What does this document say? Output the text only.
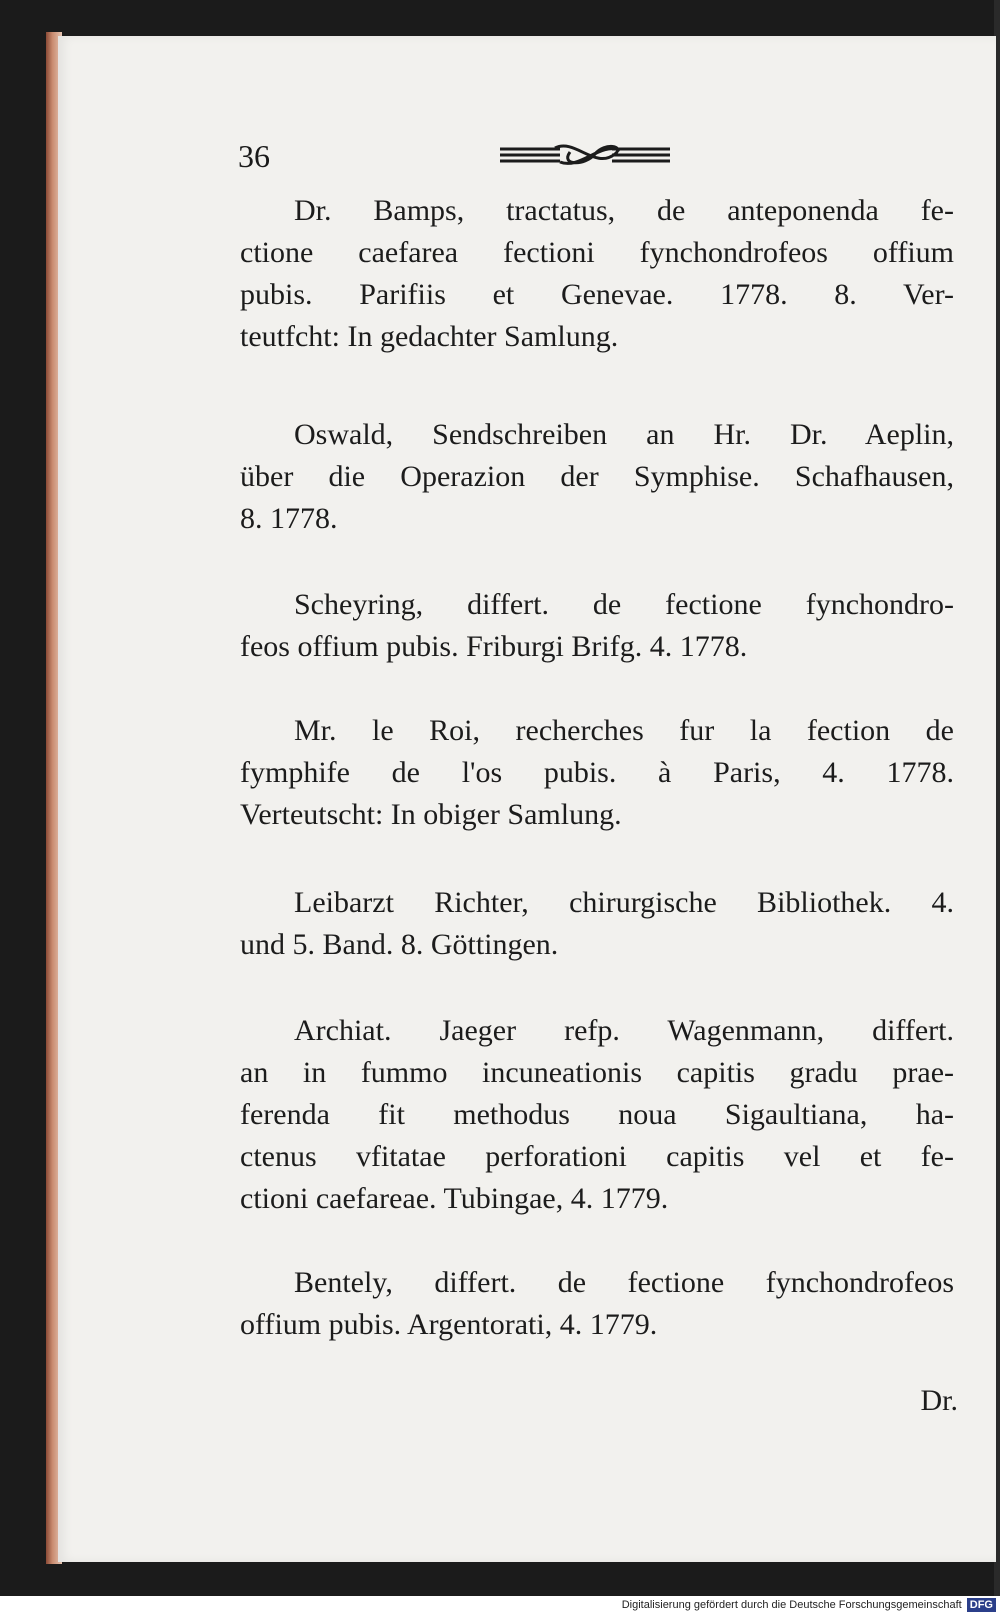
36
Dr. Bamps, tractatus, de anteponenda fe-
ctione caefarea fectioni fynchondrofeos offium
pubis. Parifiis et Genevae. 1778. 8. Ver-
teutfcht: In gedachter Samlung.
Oswald, Sendschreiben an Hr. Dr. Aeplin,
über die Operazion der Symphise. Schafhausen,
8. 1778.
Scheyring, differt. de fectione fynchondro-
feos offium pubis. Friburgi Brifg. 4. 1778.
Mr. le Roi, recherches fur la fection de
fymphife de l'os pubis. à Paris, 4. 1778.
Verteutscht: In obiger Samlung.
Leibarzt Richter, chirurgische Bibliothek. 4.
und 5. Band. 8. Göttingen.
Archiat. Jaeger refp. Wagenmann, differt.
an in fummo incuneationis capitis gradu prae-
ferenda fit methodus noua Sigaultiana, ha-
ctenus vfitatae perforationi capitis vel et fe-
ctioni caefareae. Tubingae, 4. 1779.
Bentely, differt. de fectione fynchondrofeos
offium pubis. Argentorati, 4. 1779.
Dr.
Digitalisierung gefördert durch die Deutsche Forschungsgemeinschaft DFG
